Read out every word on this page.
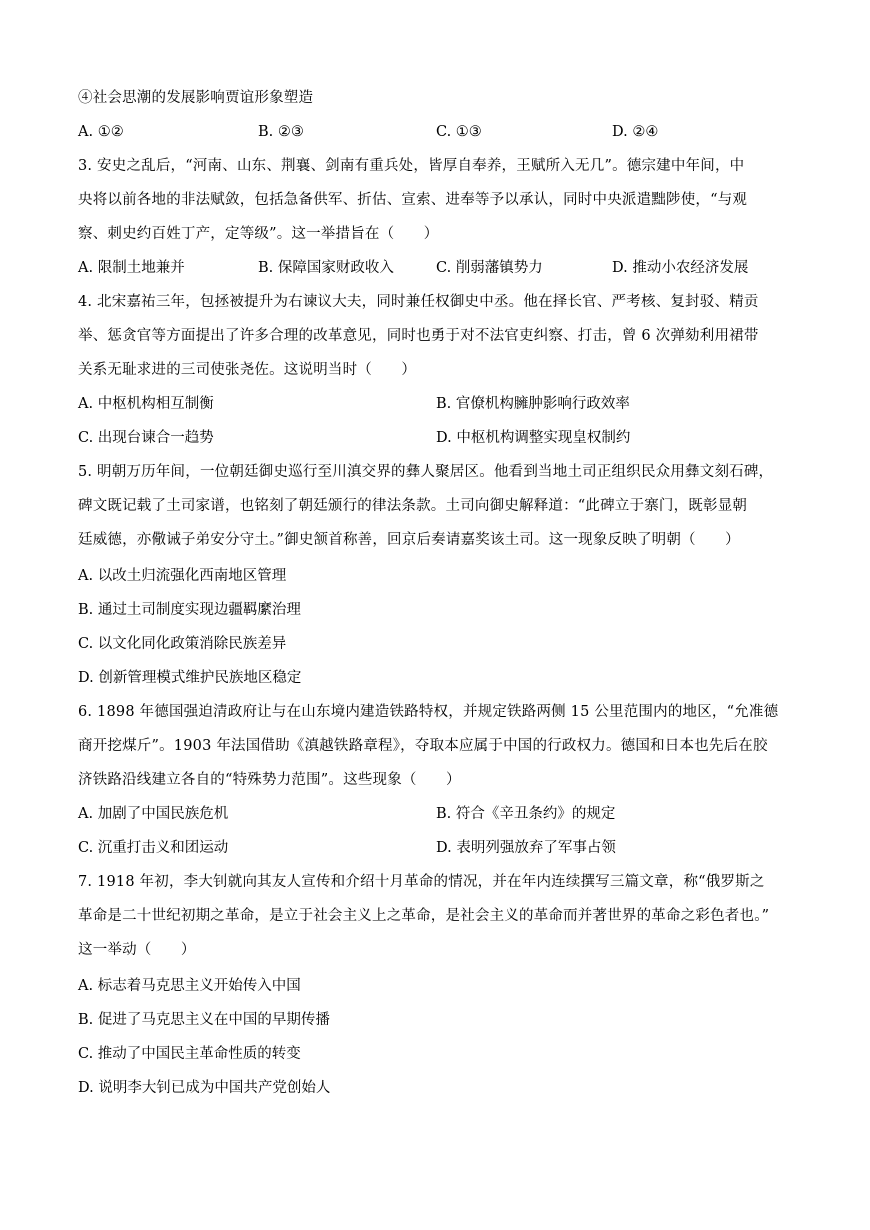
④社会思潮的发展影响贾谊形象塑造
A. ①②	B. ②③	C. ①③	D. ②④
3. 安史之乱后，“河南、山东、荆襄、剑南有重兵处，皆厚自奉养，王赋所入无几”。德宗建中年间，中
央将以前各地的非法赋敛，包括急备供军、折估、宣索、进奉等予以承认，同时中央派遣黜陟使，“与观
察、刺史约百姓丁产，定等级”。这一举措旨在（　　）
A. 限制土地兼并	B. 保障国家财政收入	C. 削弱藩镇势力	D. 推动小农经济发展
4. 北宋嘉祐三年，包拯被提升为右谏议大夫，同时兼任权御史中丞。他在择长官、严考核、复封驳、精贡
举、惩贪官等方面提出了许多合理的改革意见，同时也勇于对不法官吏纠察、打击，曾 6 次弹劾利用裙带
关系无耻求进的三司使张尧佐。这说明当时（　　）
A. 中枢机构相互制衡	B. 官僚机构臃肿影响行政效率
C. 出现台谏合一趋势	D. 中枢机构调整实现皇权制约
5. 明朝万历年间，一位朝廷御史巡行至川滇交界的彝人聚居区。他看到当地土司正组织民众用彝文刻石碑，
碑文既记载了土司家谱，也铭刻了朝廷颁行的律法条款。土司向御史解释道：“此碑立于寨门，既彰显朝
廷威德，亦儆诫子弟安分守土。”御史颔首称善，回京后奏请嘉奖该土司。这一现象反映了明朝（　　）
A. 以改土归流强化西南地区管理
B. 通过土司制度实现边疆羁縻治理
C. 以文化同化政策消除民族差异
D. 创新管理模式维护民族地区稳定
6. 1898 年德国强迫清政府让与在山东境内建造铁路特权，并规定铁路两侧 15 公里范围内的地区，“允准德
商开挖煤斤”。1903 年法国借助《滇越铁路章程》，夺取本应属于中国的行政权力。德国和日本也先后在胶
济铁路沿线建立各自的“特殊势力范围”。这些现象（　　）
A. 加剧了中国民族危机	B. 符合《辛丑条约》的规定
C. 沉重打击义和团运动	D. 表明列强放弃了军事占领
7. 1918 年初，李大钊就向其友人宣传和介绍十月革命的情况，并在年内连续撰写三篇文章，称“俄罗斯之
革命是二十世纪初期之革命，是立于社会主义上之革命，是社会主义的革命而并著世界的革命之彩色者也。”
这一举动（　　）
A. 标志着马克思主义开始传入中国
B. 促进了马克思主义在中国的早期传播
C. 推动了中国民主革命性质的转变
D. 说明李大钊已成为中国共产党创始人
